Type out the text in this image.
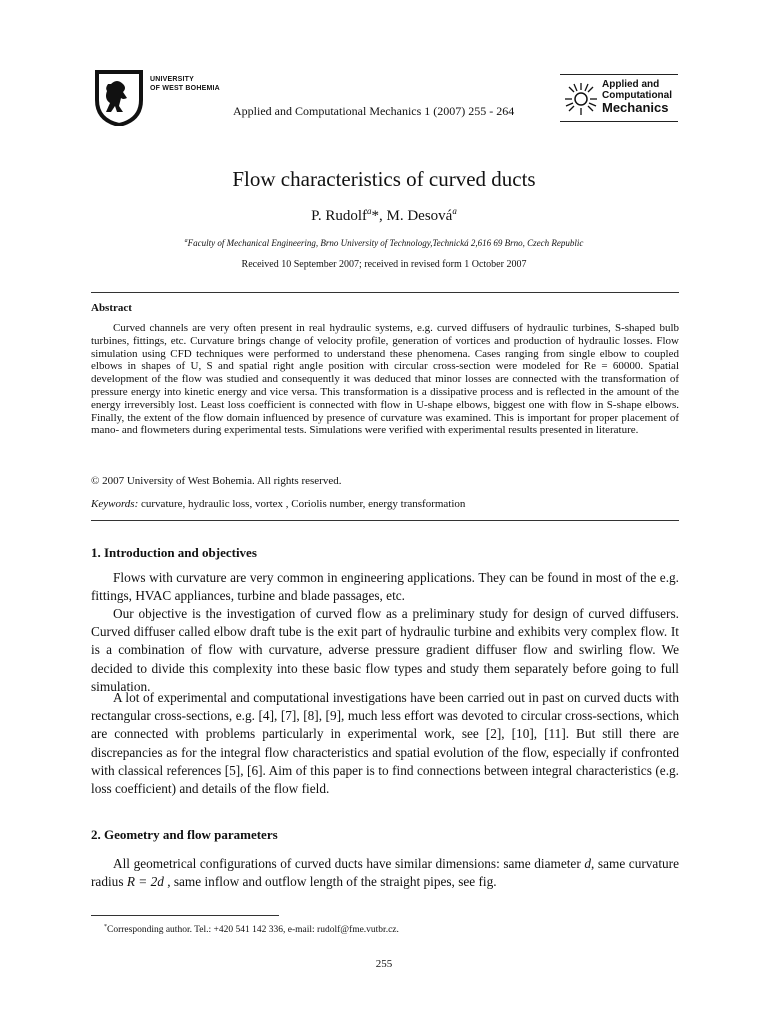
UNIVERSITY
OF WEST BOHEMIA
Applied and Computational Mechanics 1 (2007) 255 - 264
Applied and
Computational
Mechanics
Flow characteristics of curved ducts
P. Rudolf$^a$*, M. Desová$^a$
$^a$Faculty of Mechanical Engineering, Brno University of Technology,Technická 2,616 69 Brno, Czech Republic
Received 10 September 2007; received in revised form 1 October 2007
Abstract
Curved channels are very often present in real hydraulic systems, e.g. curved diffusers of hydraulic turbines, S-shaped bulb turbines, fittings, etc. Curvature brings change of velocity profile, generation of vortices and production of hydraulic losses. Flow simulation using CFD techniques were performed to understand these phenomena. Cases ranging from single elbow to coupled elbows in shapes of U, S and spatial right angle position with circular cross-section were modeled for Re = 60000. Spatial development of the flow was studied and consequently it was deduced that minor losses are connected with the transformation of pressure energy into kinetic energy and vice versa. This transformation is a dissipative process and is reflected in the amount of the energy irreversibly lost. Least loss coefficient is connected with flow in U-shape elbows, biggest one with flow in S-shape elbows. Finally, the extent of the flow domain influenced by presence of curvature was examined. This is important for proper placement of mano- and flowmeters during experimental tests. Simulations were verified with experimental results presented in literature.
© 2007 University of West Bohemia. All rights reserved.
Keywords: curvature, hydraulic loss, vortex , Coriolis number, energy transformation
1. Introduction and objectives
Flows with curvature are very common in engineering applications. They can be found in most of the e.g. fittings, HVAC appliances, turbine and blade passages, etc.
Our objective is the investigation of curved flow as a preliminary study for design of curved diffusers. Curved diffuser called elbow draft tube is the exit part of hydraulic turbine and exhibits very complex flow. It is a combination of flow with curvature, adverse pressure gradient diffuser flow and swirling flow. We decided to divide this complexity into these basic flow types and study them separately before going to full simulation.
A lot of experimental and computational investigations have been carried out in past on curved ducts with rectangular cross-sections, e.g. [4], [7], [8], [9], much less effort was devoted to circular cross-sections, which are connected with problems particularly in experimental work, see [2], [10], [11]. But still there are discrepancies as for the integral flow characteristics and spatial evolution of the flow, especially if confronted with classical references [5], [6]. Aim of this paper is to find connections between integral characteristics (e.g. loss coefficient) and details of the flow field.
2. Geometry and flow parameters
All geometrical configurations of curved ducts have similar dimensions: same diameter d, same curvature radius R = 2d , same inflow and outflow length of the straight pipes, see fig.
*Corresponding author. Tel.: +420 541 142 336, e-mail: rudolf@fme.vutbr.cz.
255
